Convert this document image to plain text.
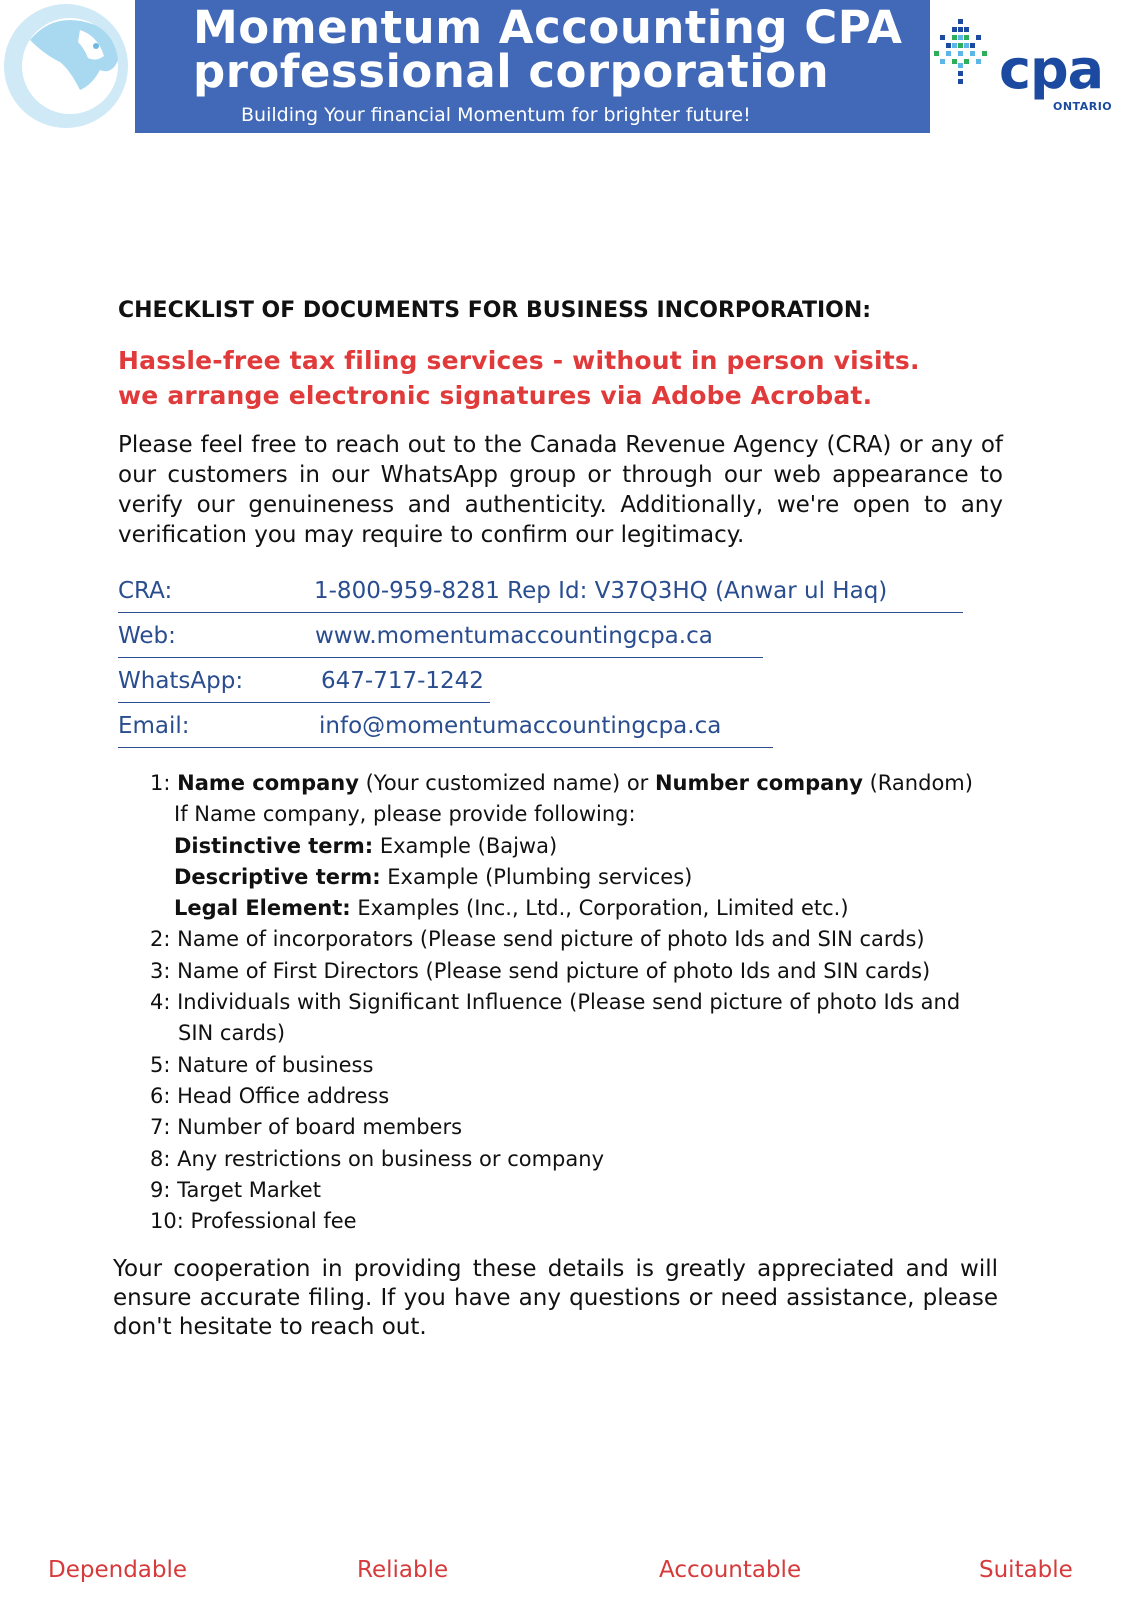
Momentum Accounting CPA
professional corporation
Building Your financial Momentum for brighter future!
cpa
ONTARIO
CHECKLIST OF DOCUMENTS FOR BUSINESS INCORPORATION:
Hassle-free tax filing services - without in person visits.
we arrange electronic signatures via Adobe Acrobat.
Please feel free to reach out to the Canada Revenue Agency (CRA) or any of our customers in our WhatsApp group or through our web appearance to verify our genuineness and authenticity. Additionally, we're open to any verification you may require to confirm our legitimacy.
CRA:	1-800-959-8281 Rep Id: V37Q3HQ (Anwar ul Haq)
Web:	www.momentumaccountingcpa.ca
WhatsApp:	647-717-1242
Email:	info@momentumaccountingcpa.ca
1: Name company (Your customized name) or Number company (Random)
If Name company, please provide following:
Distinctive term: Example (Bajwa)
Descriptive term: Example (Plumbing services)
Legal Element: Examples (Inc., Ltd., Corporation, Limited etc.)
2: Name of incorporators (Please send picture of photo Ids and SIN cards)
3: Name of First Directors (Please send picture of photo Ids and SIN cards)
4: Individuals with Significant Influence (Please send picture of photo Ids and
SIN cards)
5: Nature of business
6: Head Office address
7: Number of board members
8: Any restrictions on business or company
9: Target Market
10: Professional fee
Your cooperation in providing these details is greatly appreciated and will ensure accurate filing. If you have any questions or need assistance, please don't hesitate to reach out.
Dependable	Reliable	Accountable	Suitable
